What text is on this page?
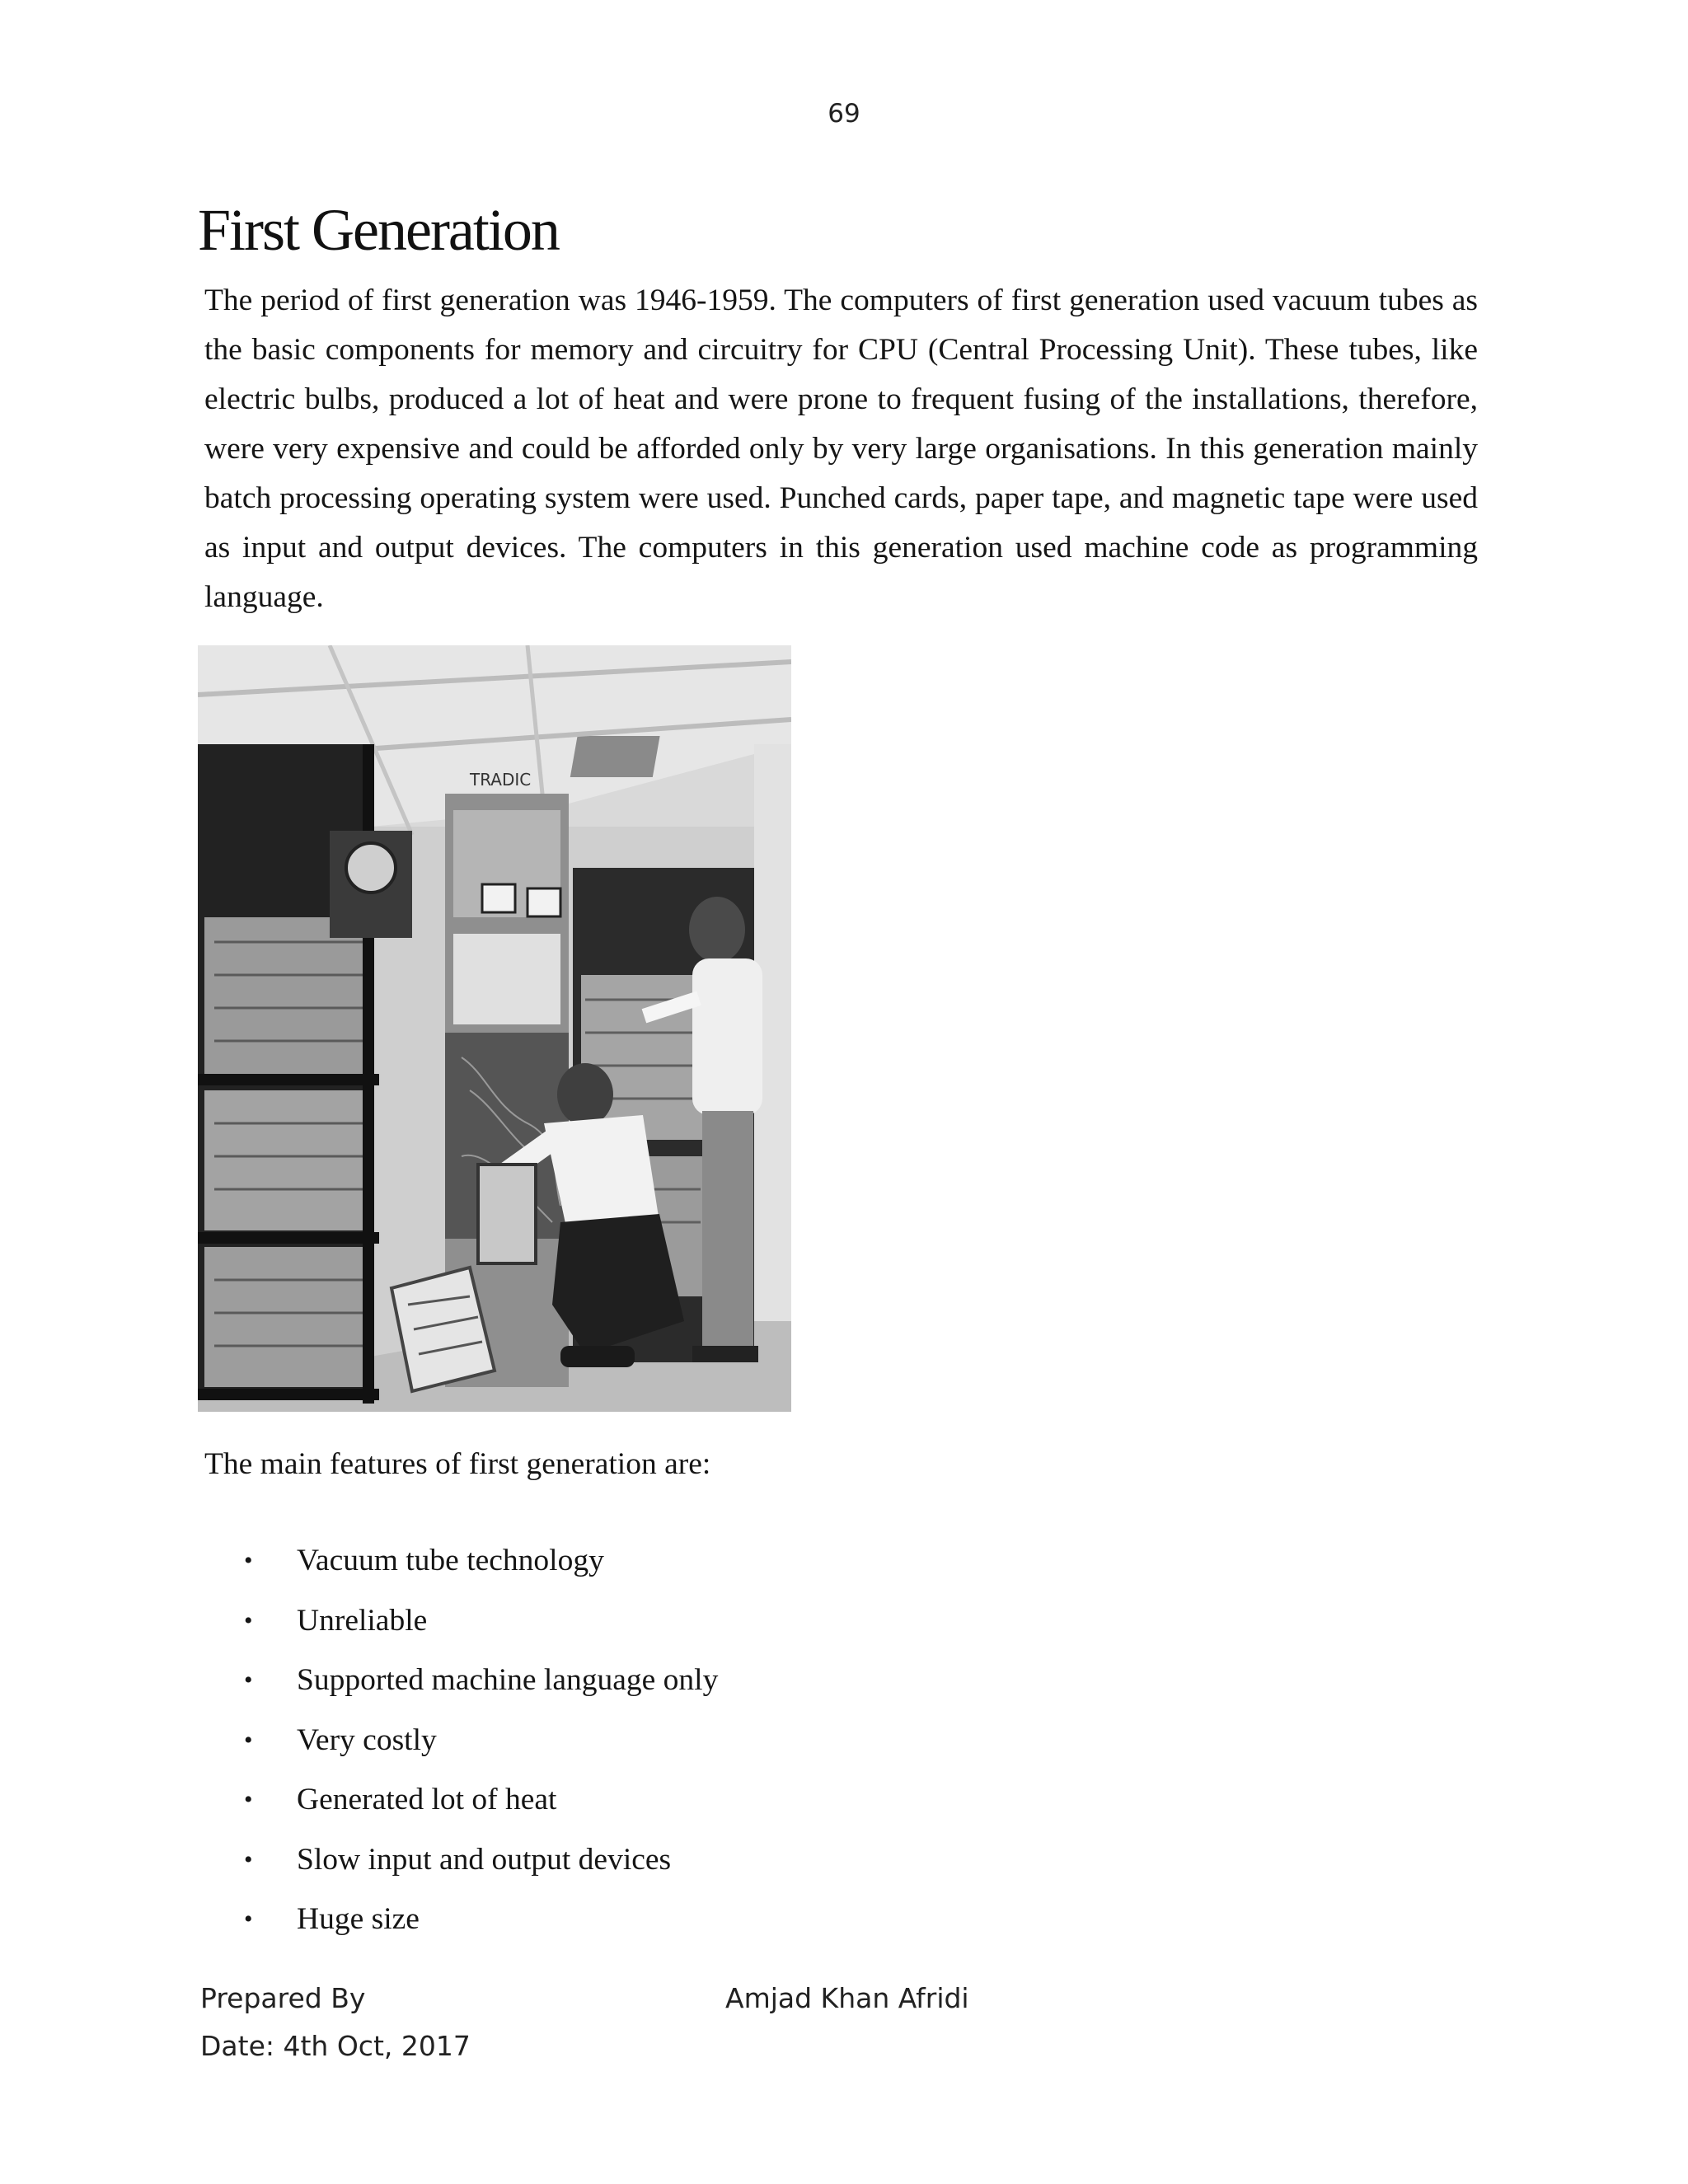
69
First Generation

The period of first generation was 1946-1959. The computers of first generation used vacuum tubes as the basic components for memory and circuitry for CPU (Central Processing Unit). These tubes, like electric bulbs, produced a lot of heat and were prone to frequent fusing of the installations, therefore, were very expensive and could be afforded only by very large organisations. In this generation mainly batch processing operating system were used. Punched cards, paper tape, and magnetic tape were used as input and output devices. The computers in this generation used machine code as programming language.

TRADIC

The main features of first generation are:

• Vacuum tube technology
• Unreliable
• Supported machine language only
• Very costly
• Generated lot of heat
• Slow input and output devices
• Huge size
Prepared By	Amjad Khan Afridi
Date: 4th Oct, 2017
